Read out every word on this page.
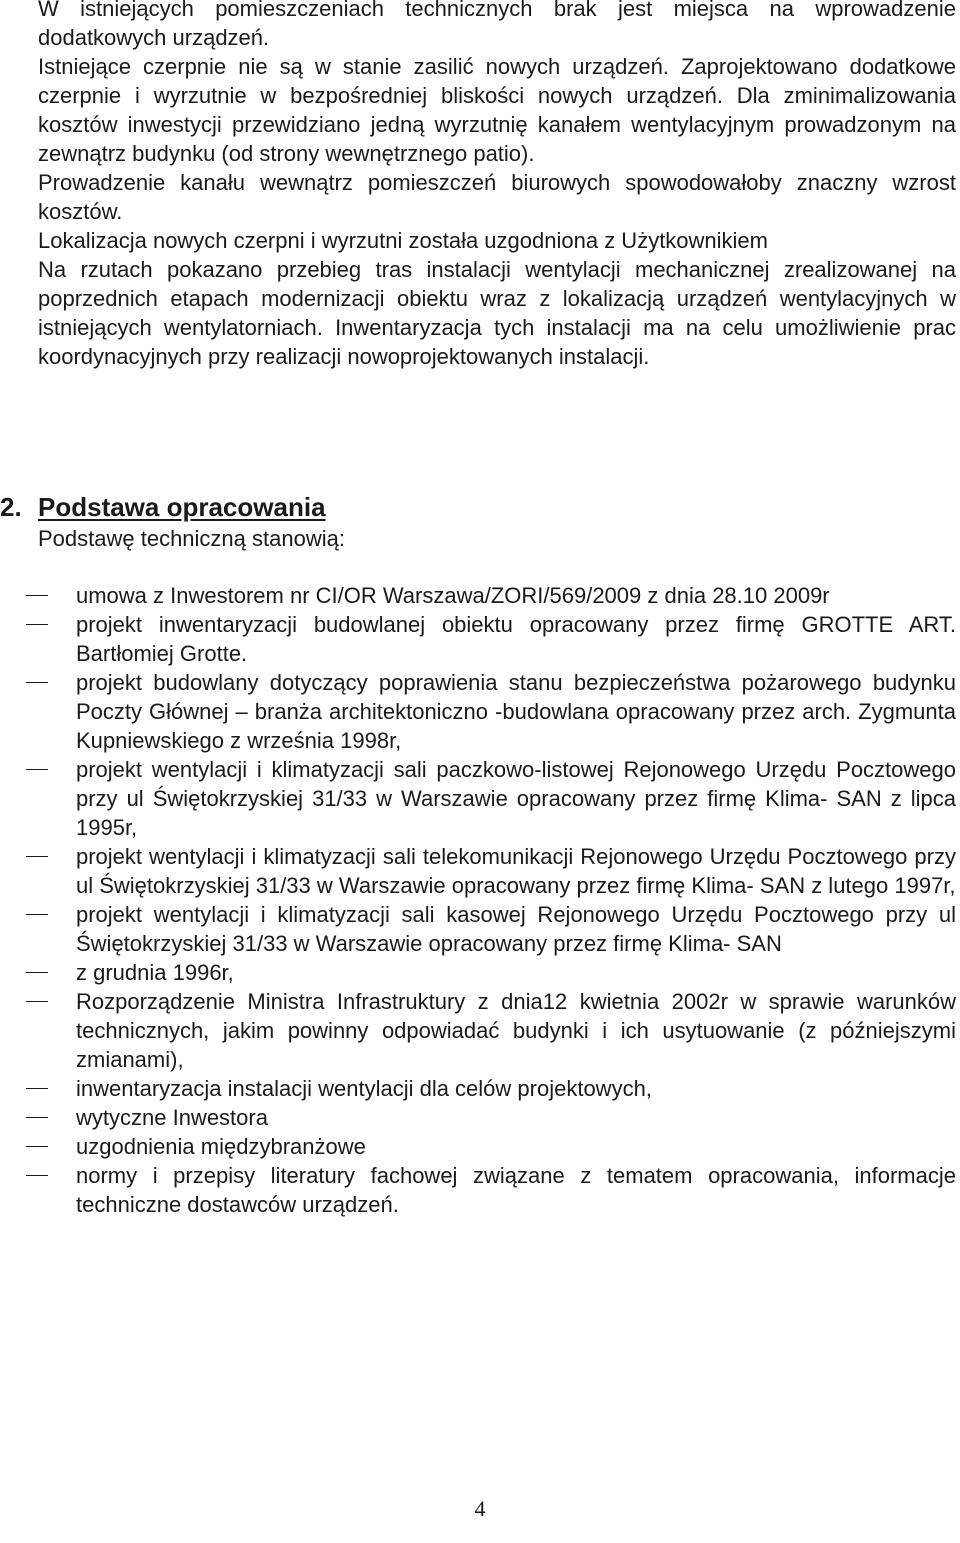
W istniejących pomieszczeniach technicznych brak jest miejsca na wprowadzenie dodatkowych urządzeń.

Istniejące czerpnie nie są w stanie zasilić nowych urządzeń. Zaprojektowano dodatkowe czerpnie i wyrzutnie w bezpośredniej bliskości nowych urządzeń. Dla zminimalizowania kosztów inwestycji przewidziano jedną wyrzutnię kanałem wentylacyjnym prowadzonym na zewnątrz budynku (od strony wewnętrznego patio).

Prowadzenie kanału wewnątrz pomieszczeń biurowych spowodowałoby znaczny wzrost kosztów.

Lokalizacja nowych czerpni i wyrzutni została uzgodniona z Użytkownikiem

Na rzutach pokazano przebieg tras instalacji wentylacji mechanicznej zrealizowanej na poprzednich etapach modernizacji obiektu wraz z lokalizacją urządzeń wentylacyjnych w istniejących wentylatorniach. Inwentaryzacja tych instalacji ma na celu umożliwienie prac koordynacyjnych przy realizacji nowoprojektowanych instalacji.

2. Podstawa opracowania

Podstawę techniczną stanowią:

umowa z Inwestorem nr CI/OR Warszawa/ZORI/569/2009 z dnia 28.10 2009r
projekt inwentaryzacji budowlanej obiektu opracowany przez firmę GROTTE ART. Bartłomiej Grotte.
projekt budowlany dotyczący poprawienia stanu bezpieczeństwa pożarowego budynku Poczty Głównej – branża architektoniczno -budowlana opracowany przez arch. Zygmunta Kupniewskiego z września 1998r,
projekt wentylacji i klimatyzacji sali paczkowo-listowej Rejonowego Urzędu Pocztowego przy ul Świętokrzyskiej 31/33 w Warszawie opracowany przez firmę Klima- SAN z lipca 1995r,
projekt wentylacji i klimatyzacji sali telekomunikacji Rejonowego Urzędu Pocztowego przy ul Świętokrzyskiej 31/33 w Warszawie opracowany przez firmę Klima- SAN z lutego 1997r,
projekt wentylacji i klimatyzacji sali kasowej Rejonowego Urzędu Pocztowego przy ul Świętokrzyskiej 31/33 w Warszawie opracowany przez firmę Klima- SAN
z grudnia 1996r,
Rozporządzenie Ministra Infrastruktury z dnia12 kwietnia 2002r w sprawie warunków technicznych, jakim powinny odpowiadać budynki i ich usytuowanie (z późniejszymi zmianami),
inwentaryzacja instalacji wentylacji dla celów projektowych,
wytyczne Inwestora
uzgodnienia międzybranżowe
normy i przepisy literatury fachowej związane z tematem opracowania, informacje techniczne dostawców urządzeń.
4
